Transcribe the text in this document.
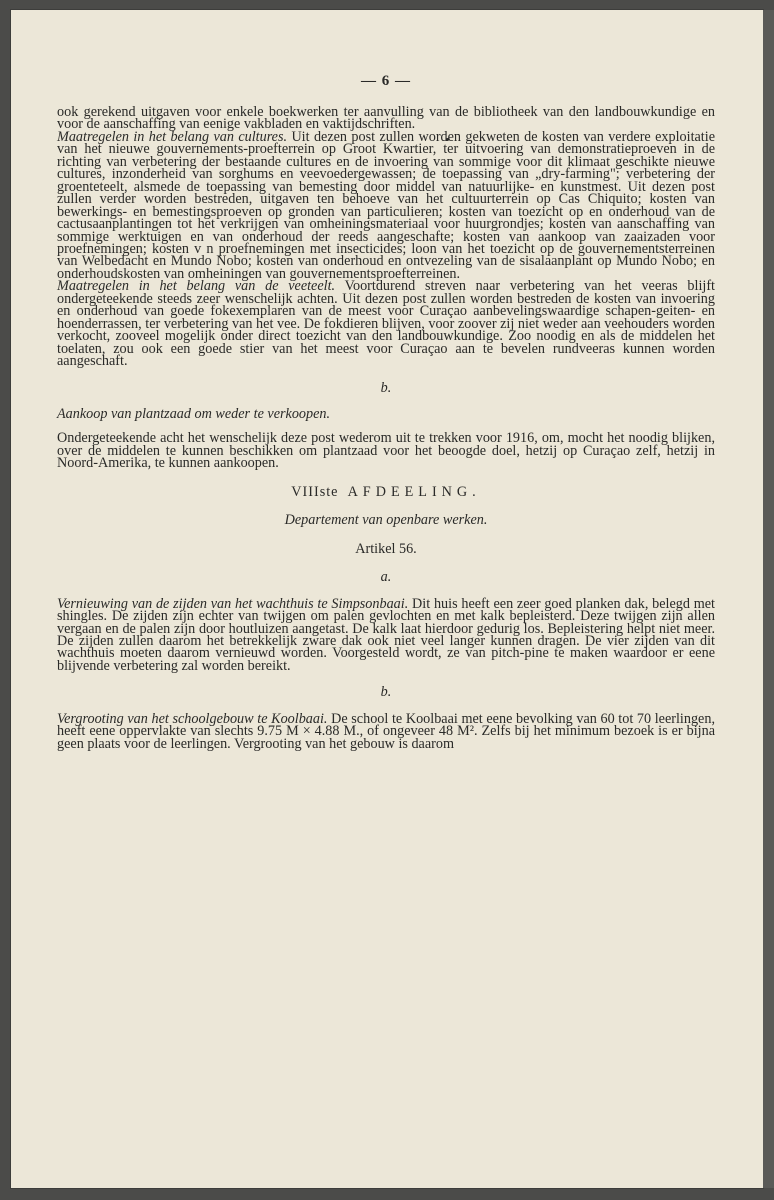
— 6 —

ook gerekend uitgaven voor enkele boekwerken ter aanvulling van de bibliotheek van den landbouwkundige en voor de aanschaffing van eenige vakbladen en vaktijdschriften.

Maatregelen in het belang van cultures. Uit dezen post zullen worden gekweten de kosten van verdere exploitatie van het nieuwe gouvernements-proefterrein op Groot Kwartier, ter uitvoering van demonstratieproeven in de richting van verbetering der bestaande cultures en de invoering van sommige voor dit klimaat geschikte nieuwe cultures, inzonderheid van sorghums en veevoedergewassen; de toepassing van „dry-farming"; verbetering der groenteteelt, alsmede de toepassing van bemesting door middel van natuurlijke- en kunstmest. Uit dezen post zullen verder worden bestreden, uitgaven ten behoeve van het cultuurterrein op Cas Chiquito; kosten van bewerkings- en bemestingsproeven op gronden van particulieren; kosten van toezicht op en onderhoud van de cactusaanplantingen tot het verkrijgen van omheiningsmateriaal voor huurgrondjes; kosten van aanschaffing van sommige werktuigen en van onderhoud der reeds aangeschafte; kosten van aankoop van zaaizaden voor proefnemingen; kosten v n proefnemingen met insecticides; loon van het toezicht op de gouvernementsterreinen van Welbedacht en Mundo Nobo; kosten van onderhoud en ontvezeling van de sisalaanplant op Mundo Nobo; en onderhoudskosten van omheiningen van gouvernementsproefterreinen.

Maatregelen in het belang van de veeteelt. Voortdurend streven naar verbetering van het veeras blijft ondergeteekende steeds zeer wenschelijk achten. Uit dezen post zullen worden bestreden de kosten van invoering en onderhoud van goede fokexemplaren van de meest voor Curaçao aanbevelingswaardige schapen-geiten- en hoenderrassen, ter verbetering van het vee. De fokdieren blijven, voor zoover zij niet weder aan veehouders worden verkocht, zooveel mogelijk onder direct toezicht van den landbouwkundige. Zoo noodig en als de middelen het toelaten, zou ook een goede stier van het meest voor Curaçao aan te bevelen rundveeras kunnen worden aangeschaft.

b.
Aankoop van plantzaad om weder te verkoopen.

Ondergeteekende acht het wenschelijk deze post wederom uit te trekken voor 1916, om, mocht het noodig blijken, over de middelen te kunnen beschikken om plantzaad voor het beoogde doel, hetzij op Curaçao zelf, hetzij in Noord-Amerika, te kunnen aankoopen.

VIIIste AFDEELING.
Departement van openbare werken.
Artikel 56.
a.

Vernieuwing van de zijden van het wachthuis te Simpsonbaai. Dit huis heeft een zeer goed planken dak, belegd met shingles. De zijden zijn echter van twijgen om palen gevlochten en met kalk bepleisterd. Deze twijgen zijn allen vergaan en de palen zijn door houtluizen aangetast. De kalk laat hierdoor gedurig los. Bepleistering helpt niet meer. De zijden zullen daarom het betrekkelijk zware dak ook niet veel langer kunnen dragen. De vier zijden van dit wachthuis moeten daarom vernieuwd worden. Voorgesteld wordt, ze van pitch-pine te maken waardoor er eene blijvende verbetering zal worden bereikt.

b.

Vergrooting van het schoolgebouw te Koolbaai. De school te Koolbaai met eene bevolking van 60 tot 70 leerlingen, heeft eene oppervlakte van slechts 9.75 M × 4.88 M., of ongeveer 48 M². Zelfs bij het minimum bezoek is er bijna geen plaats voor de leerlingen. Vergrooting van het gebouw is daarom
